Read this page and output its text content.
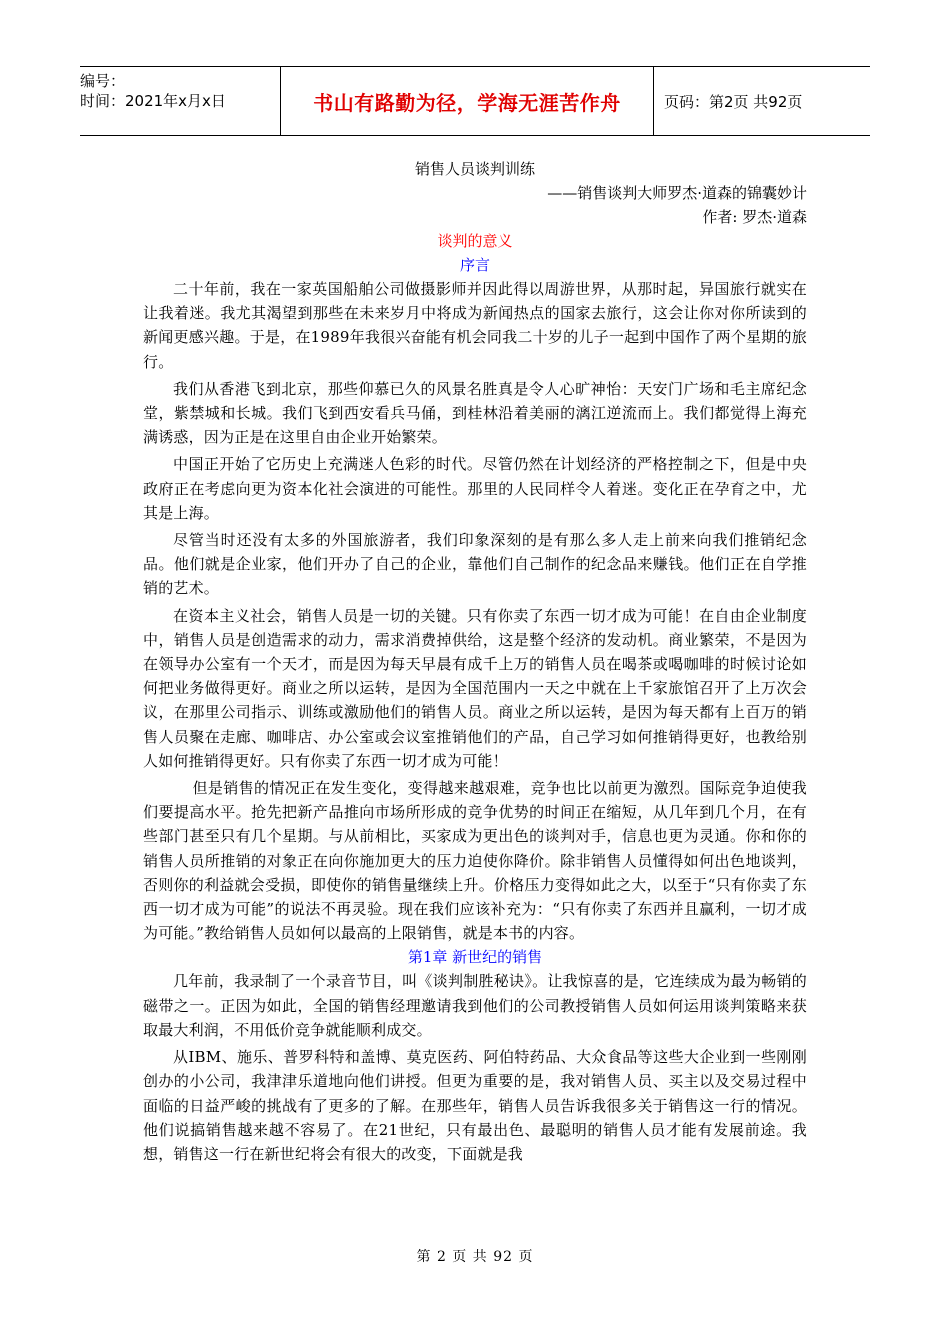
编号：
时间：2021年x月x日	书山有路勤为径，学海无涯苦作舟	页码：第2页 共92页
销售人员谈判训练
——销售谈判大师罗杰·道森的锦囊妙计
作者: 罗杰·道森
谈判的意义
序言

二十年前，我在一家英国船舶公司做摄影师并因此得以周游世界，从那时起，异国旅行就实在让我着迷。我尤其渴望到那些在未来岁月中将成为新闻热点的国家去旅行，这会让你对你所读到的新闻更感兴趣。于是，在1989年我很兴奋能有机会同我二十岁的儿子一起到中国作了两个星期的旅行。

我们从香港飞到北京，那些仰慕已久的风景名胜真是令人心旷神怡：天安门广场和毛主席纪念堂，紫禁城和长城。我们飞到西安看兵马俑，到桂林沿着美丽的漓江逆流而上。我们都觉得上海充满诱惑，因为正是在这里自由企业开始繁荣。

中国正开始了它历史上充满迷人色彩的时代。尽管仍然在计划经济的严格控制之下，但是中央政府正在考虑向更为资本化社会演进的可能性。那里的人民同样令人着迷。变化正在孕育之中，尤其是上海。

尽管当时还没有太多的外国旅游者，我们印象深刻的是有那么多人走上前来向我们推销纪念品。他们就是企业家，他们开办了自己的企业，靠他们自己制作的纪念品来赚钱。他们正在自学推销的艺术。

在资本主义社会，销售人员是一切的关键。只有你卖了东西一切才成为可能！在自由企业制度中，销售人员是创造需求的动力，需求消费掉供给，这是整个经济的发动机。商业繁荣，不是因为在领导办公室有一个天才，而是因为每天早晨有成千上万的销售人员在喝茶或喝咖啡的时候讨论如何把业务做得更好。商业之所以运转，是因为全国范围内一天之中就在上千家旅馆召开了上万次会议，在那里公司指示、训练或激励他们的销售人员。商业之所以运转，是因为每天都有上百万的销售人员聚在走廊、咖啡店、办公室或会议室推销他们的产品，自己学习如何推销得更好，也教给别人如何推销得更好。只有你卖了东西一切才成为可能！

但是销售的情况正在发生变化，变得越来越艰难，竞争也比以前更为激烈。国际竞争迫使我们要提高水平。抢先把新产品推向市场所形成的竞争优势的时间正在缩短，从几年到几个月，在有些部门甚至只有几个星期。与从前相比，买家成为更出色的谈判对手，信息也更为灵通。你和你的销售人员所推销的对象正在向你施加更大的压力迫使你降价。除非销售人员懂得如何出色地谈判，否则你的利益就会受损，即使你的销售量继续上升。价格压力变得如此之大，以至于“只有你卖了东西一切才成为可能”的说法不再灵验。现在我们应该补充为：“只有你卖了东西并且赢利，一切才成为可能。”教给销售人员如何以最高的上限销售，就是本书的内容。

第1章 新世纪的销售

几年前，我录制了一个录音节目，叫《谈判制胜秘诀》。让我惊喜的是，它连续成为最为畅销的磁带之一。正因为如此，全国的销售经理邀请我到他们的公司教授销售人员如何运用谈判策略来获取最大利润，不用低价竞争就能顺利成交。

从IBM、施乐、普罗科特和盖博、莫克医药、阿伯特药品、大众食品等这些大企业到一些刚刚创办的小公司，我津津乐道地向他们讲授。但更为重要的是，我对销售人员、买主以及交易过程中面临的日益严峻的挑战有了更多的了解。在那些年，销售人员告诉我很多关于销售这一行的情况。他们说搞销售越来越不容易了。在21世纪，只有最出色、最聪明的销售人员才能有发展前途。我想，销售这一行在新世纪将会有很大的改变，下面就是我

第 2 页 共 92 页
